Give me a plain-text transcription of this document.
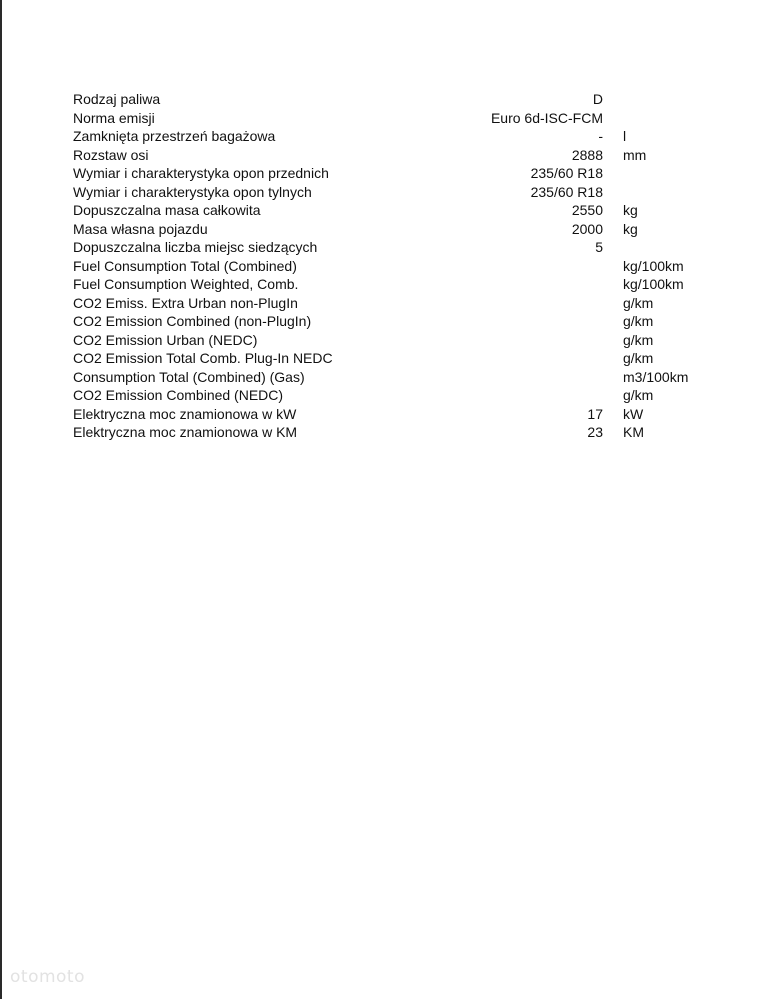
Rodzaj paliwa	D
Norma emisji	Euro 6d-ISC-FCM
Zamknięta przestrzeń bagażowa	- l
Rozstaw osi	2888 mm
Wymiar i charakterystyka opon przednich	235/60 R18
Wymiar i charakterystyka opon tylnych	235/60 R18
Dopuszczalna masa całkowita	2550 kg
Masa własna pojazdu	2000 kg
Dopuszczalna liczba miejsc siedzących	5
Fuel Consumption Total (Combined)	kg/100km
Fuel Consumption Weighted, Comb.	kg/100km
CO2 Emiss. Extra Urban non-PlugIn	g/km
CO2 Emission Combined (non-PlugIn)	g/km
CO2 Emission Urban (NEDC)	g/km
CO2 Emission Total Comb. Plug-In NEDC	g/km
Consumption Total (Combined) (Gas)	m3/100km
CO2 Emission Combined (NEDC)	g/km
Elektryczna moc znamionowa w kW	17 kW
Elektryczna moc znamionowa w KM	23 KM
otomoto
